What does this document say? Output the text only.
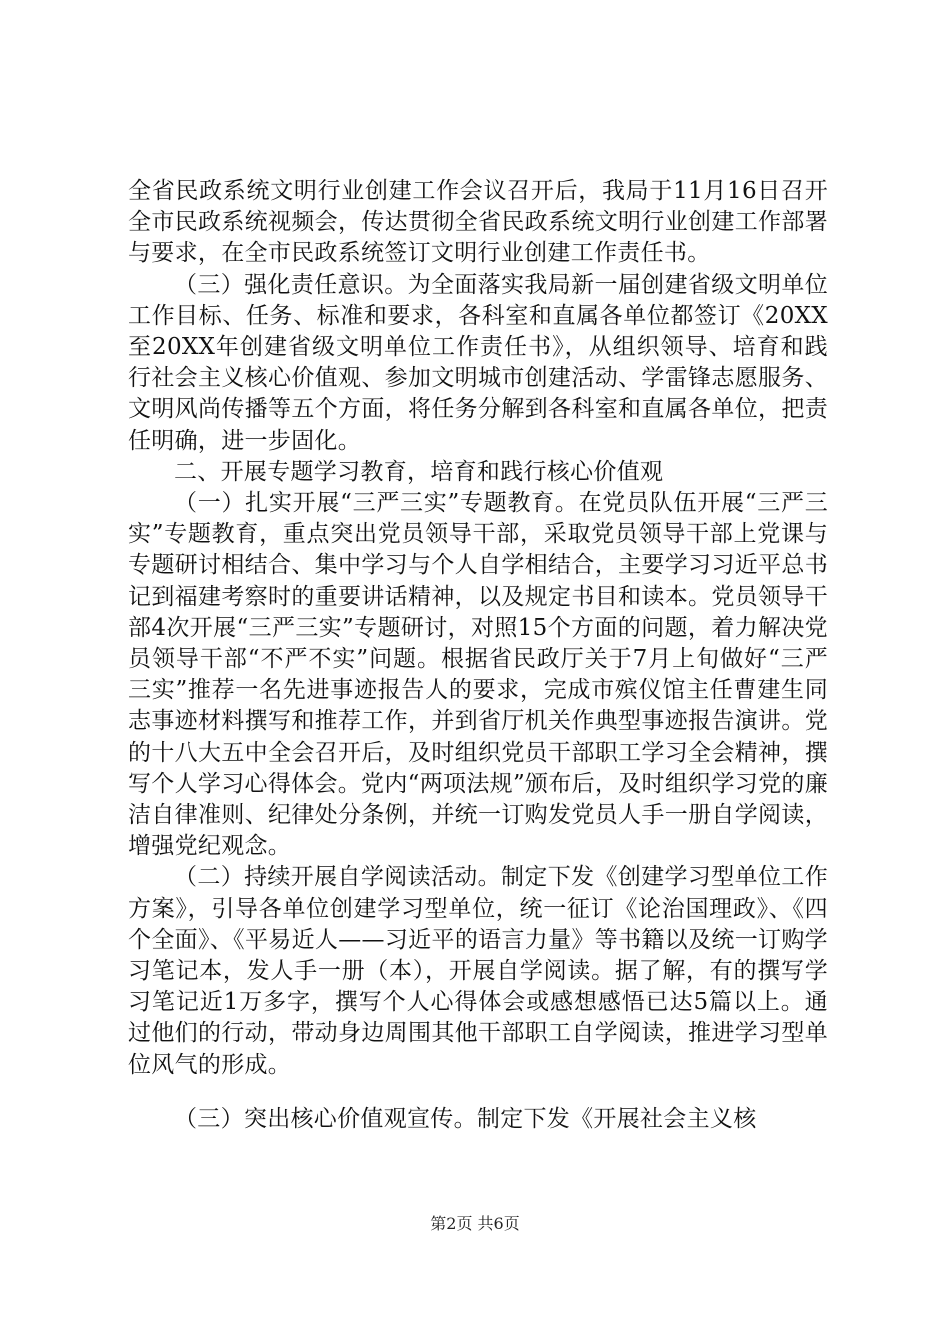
全省民政系统文明行业创建工作会议召开后，我局于11月16日召开全市民政系统视频会，传达贯彻全省民政系统文明行业创建工作部署与要求，在全市民政系统签订文明行业创建工作责任书。

（三）强化责任意识。为全面落实我局新一届创建省级文明单位工作目标、任务、标准和要求，各科室和直属各单位都签订《20XX至20XX年创建省级文明单位工作责任书》，从组织领导、培育和践行社会主义核心价值观、参加文明城市创建活动、学雷锋志愿服务、文明风尚传播等五个方面，将任务分解到各科室和直属各单位，把责任明确，进一步固化。

二、开展专题学习教育，培育和践行核心价值观

（一）扎实开展“三严三实”专题教育。在党员队伍开展“三严三实”专题教育，重点突出党员领导干部，采取党员领导干部上党课与专题研讨相结合、集中学习与个人自学相结合，主要学习习近平总书记到福建考察时的重要讲话精神，以及规定书目和读本。党员领导干部4次开展“三严三实”专题研讨，对照15个方面的问题，着力解决党员领导干部“不严不实”问题。根据省民政厅关于7月上旬做好“三严三实”推荐一名先进事迹报告人的要求，完成市殡仪馆主任曹建生同志事迹材料撰写和推荐工作，并到省厅机关作典型事迹报告演讲。党的十八大五中全会召开后，及时组织党员干部职工学习全会精神，撰写个人学习心得体会。党内“两项法规”颁布后，及时组织学习党的廉洁自律准则、纪律处分条例，并统一订购发党员人手一册自学阅读，增强党纪观念。

（二）持续开展自学阅读活动。制定下发《创建学习型单位工作方案》，引导各单位创建学习型单位，统一征订《论治国理政》、《四个全面》、《平易近人——习近平的语言力量》等书籍以及统一订购学习笔记本，发人手一册（本），开展自学阅读。据了解，有的撰写学习笔记近1万多字，撰写个人心得体会或感想感悟已达5篇以上。通过他们的行动，带动身边周围其他干部职工自学阅读，推进学习型单位风气的形成。

（三）突出核心价值观宣传。制定下发《开展社会主义核

第2页 共6页
